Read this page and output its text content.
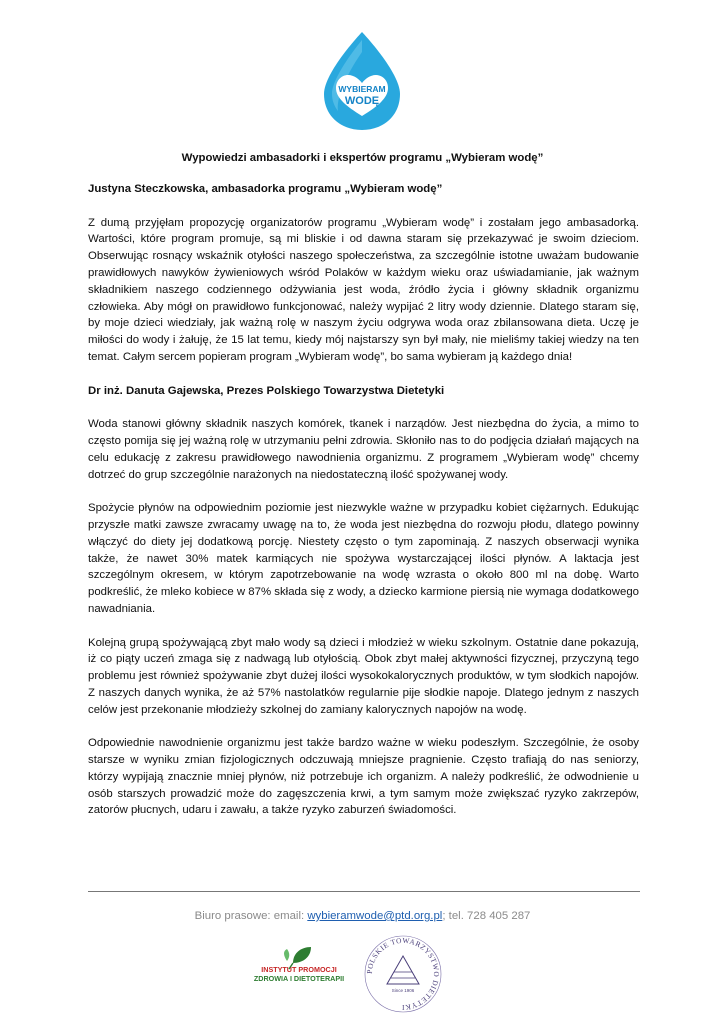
WYBIERAM
WODĘ
Wypowiedzi ambasadorki i ekspertów programu „Wybieram wodę”
Justyna Steczkowska, ambasadorka programu „Wybieram wodę”

Z dumą przyjęłam propozycję organizatorów programu „Wybieram wodę” i zostałam jego ambasadorką. Wartości, które program promuje, są mi bliskie i od dawna staram się przekazywać je swoim dzieciom. Obserwując rosnący wskaźnik otyłości naszego społeczeństwa, za szczególnie istotne uważam budowanie prawidłowych nawyków żywieniowych wśród Polaków w każdym wieku oraz uświadamianie, jak ważnym składnikiem naszego codziennego odżywiania jest woda, źródło życia i główny składnik organizmu człowieka. Aby mógł on prawidłowo funkcjonować, należy wypijać 2 litry wody dziennie. Dlatego staram się, by moje dzieci wiedziały, jak ważną rolę w naszym życiu odgrywa woda oraz zbilansowana dieta. Uczę je miłości do wody i żałuję, że 15 lat temu, kiedy mój najstarszy syn był mały, nie mieliśmy takiej wiedzy na ten temat. Całym sercem popieram program „Wybieram wodę”, bo sama wybieram ją każdego dnia!

Dr inż. Danuta Gajewska, Prezes Polskiego Towarzystwa Dietetyki

Woda stanowi główny składnik naszych komórek, tkanek i narządów. Jest niezbędna do życia, a mimo to często pomija się jej ważną rolę w utrzymaniu pełni zdrowia. Skłoniło nas to do podjęcia działań mających na celu edukację z zakresu prawidłowego nawodnienia organizmu. Z programem „Wybieram wodę” chcemy dotrzeć do grup szczególnie narażonych na niedostateczną ilość spożywanej wody.

Spożycie płynów na odpowiednim poziomie jest niezwykle ważne w przypadku kobiet ciężarnych. Edukując przyszłe matki zawsze zwracamy uwagę na to, że woda jest niezbędna do rozwoju płodu, dlatego powinny włączyć do diety jej dodatkową porcję. Niestety często o tym zapominają. Z naszych obserwacji wynika także, że nawet 30% matek karmiących nie spożywa wystarczającej ilości płynów. A laktacja jest szczególnym okresem, w którym zapotrzebowanie na wodę wzrasta o około 800 ml na dobę. Warto podkreślić, że mleko kobiece w 87% składa się z wody, a dziecko karmione piersią nie wymaga dodatkowego nawadniania.

Kolejną grupą spożywającą zbyt mało wody są dzieci i młodzież w wieku szkolnym. Ostatnie dane pokazują, iż co piąty uczeń zmaga się z nadwagą lub otyłością. Obok zbyt małej aktywności fizycznej, przyczyną tego problemu jest również spożywanie zbyt dużej ilości wysokokalorycznych produktów, w tym słodkich napojów. Z naszych danych wynika, że aż 57% nastolatków regularnie pije słodkie napoje. Dlatego jednym z naszych celów jest przekonanie młodzieży szkolnej do zamiany kalorycznych napojów na wodę.

Odpowiednie nawodnienie organizmu jest także bardzo ważne w wieku podeszłym. Szczególnie, że osoby starsze w wyniku zmian fizjologicznych odczuwają mniejsze pragnienie. Często trafiają do nas seniorzy, którzy wypijają znacznie mniej płynów, niż potrzebuje ich organizm. A należy podkreślić, że odwodnienie u osób starszych prowadzić może do zagęszczenia krwi, a tym samym może zwiększać ryzyko zakrzepów, zatorów płucnych, udaru i zawału, a także ryzyko zaburzeń świadomości.

Biuro prasowe: email: wybieramwode@ptd.org.pl; tel. 728 405 287
INSTYTUT PROMOCJI
ZDROWIA I DIETOTERAPII
POLSKIE TOWARZYSTWO DIETETYKI
Since 1906
